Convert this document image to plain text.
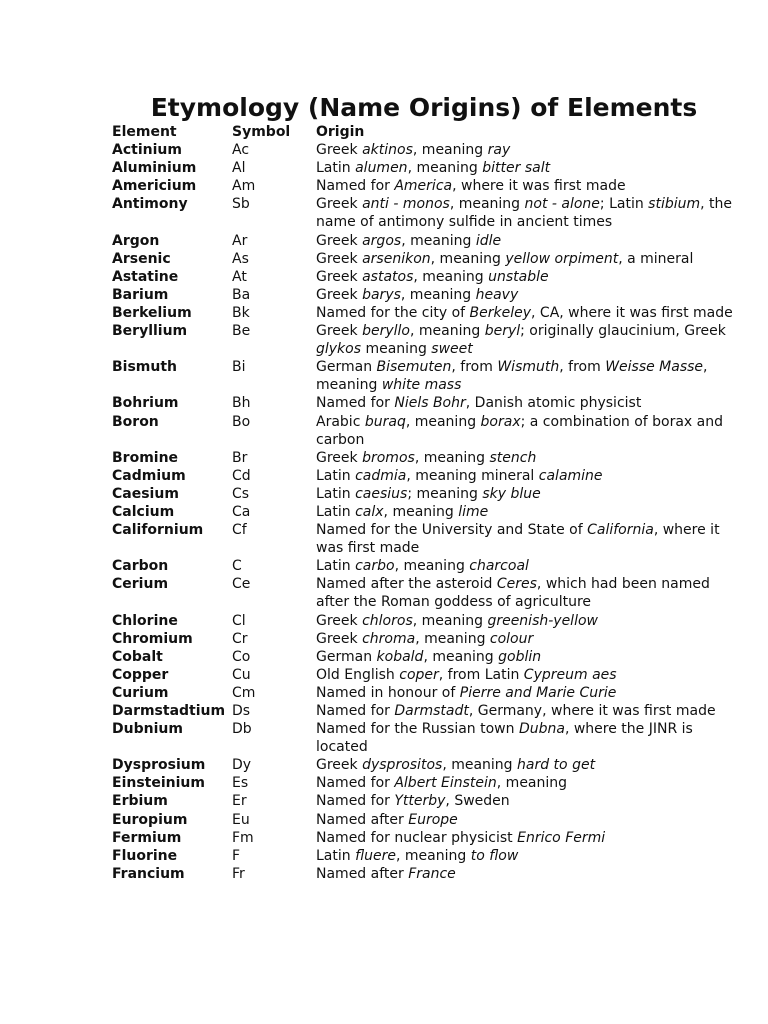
Etymology (Name Origins) of Elements
Element	Symbol	Origin
Actinium	Ac	Greek aktinos, meaning ray
Aluminium	Al	Latin alumen, meaning bitter salt
Americium	Am	Named for America, where it was first made
Antimony	Sb	Greek anti - monos, meaning not - alone; Latin stibium, the name of antimony sulfide in ancient times
Argon	Ar	Greek argos, meaning idle
Arsenic	As	Greek arsenikon, meaning yellow orpiment, a mineral
Astatine	At	Greek astatos, meaning unstable
Barium	Ba	Greek barys, meaning heavy
Berkelium	Bk	Named for the city of Berkeley, CA, where it was first made
Beryllium	Be	Greek beryllo, meaning beryl; originally glaucinium, Greek glykos meaning sweet
Bismuth	Bi	German Bisemuten, from Wismuth, from Weisse Masse, meaning white mass
Bohrium	Bh	Named for Niels Bohr, Danish atomic physicist
Boron	Bo	Arabic buraq, meaning borax; a combination of borax and carbon
Bromine	Br	Greek bromos, meaning stench
Cadmium	Cd	Latin cadmia, meaning mineral calamine
Caesium	Cs	Latin caesius; meaning sky blue
Calcium	Ca	Latin calx, meaning lime
Californium	Cf	Named for the University and State of California, where it was first made
Carbon	C	Latin carbo, meaning charcoal
Cerium	Ce	Named after the asteroid Ceres, which had been named after the Roman goddess of agriculture
Chlorine	Cl	Greek chloros, meaning greenish-yellow
Chromium	Cr	Greek chroma, meaning colour
Cobalt	Co	German kobald, meaning goblin
Copper	Cu	Old English coper, from Latin Cypreum aes
Curium	Cm	Named in honour of Pierre and Marie Curie
Darmstadtium	Ds	Named for Darmstadt, Germany, where it was first made
Dubnium	Db	Named for the Russian town Dubna, where the JINR is located
Dysprosium	Dy	Greek dysprositos, meaning hard to get
Einsteinium	Es	Named for Albert Einstein, meaning
Erbium	Er	Named for Ytterby, Sweden
Europium	Eu	Named after Europe
Fermium	Fm	Named for nuclear physicist Enrico Fermi
Fluorine	F	Latin fluere, meaning to flow
Francium	Fr	Named after France
